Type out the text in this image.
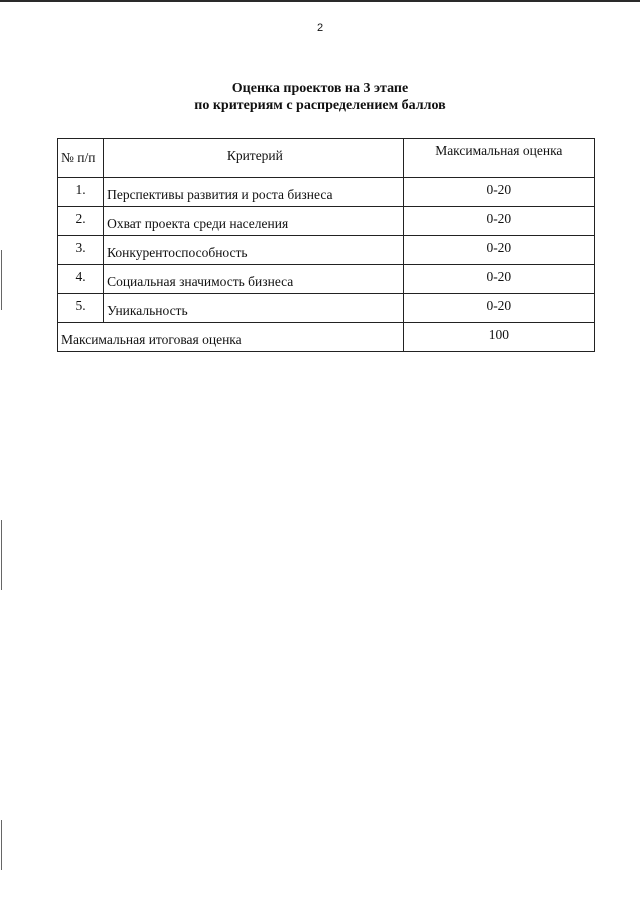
2
Оценка проектов на 3 этапе
по критериям с распределением баллов
№ п/п	Критерий	Максимальная оценка
1.	Перспективы развития и роста бизнеса	0-20
2.	Охват проекта среди населения	0-20
3.	Конкурентоспособность	0-20
4.	Социальная значимость бизнеса	0-20
5.	Уникальность	0-20
Максимальная итоговая оценка		100
